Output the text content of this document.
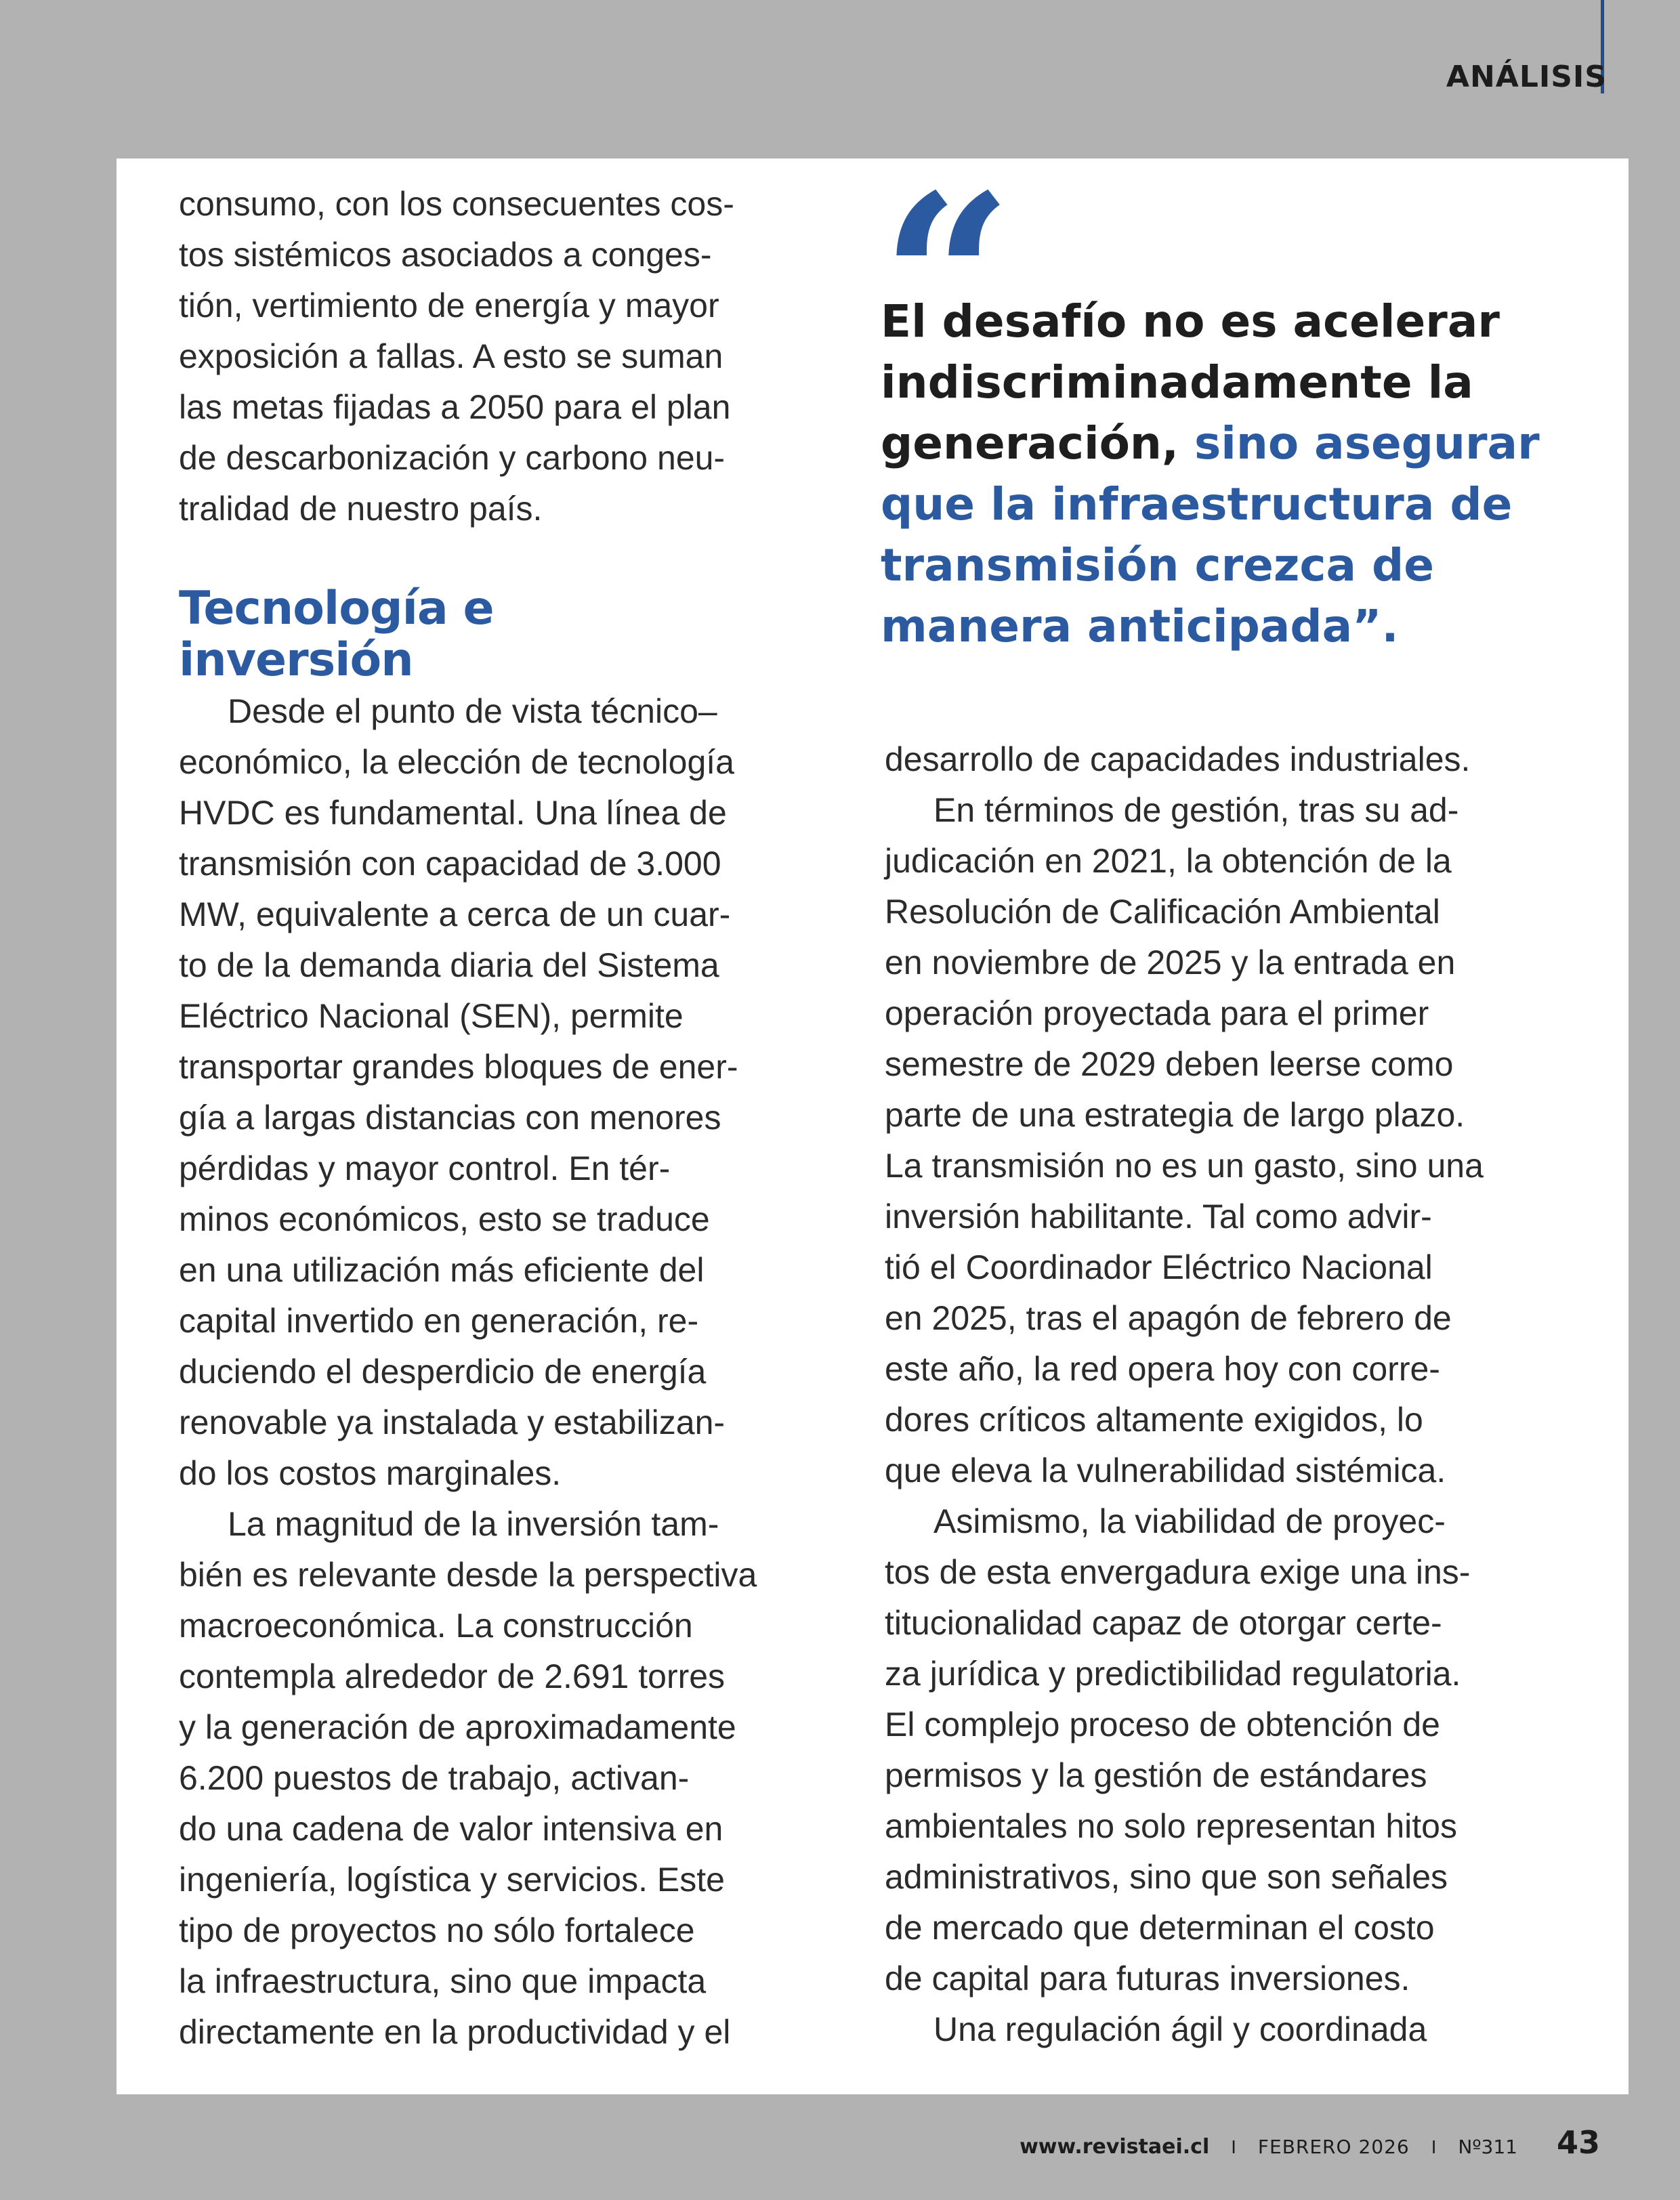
ANÁLISIS

consumo, con los consecuentes cos-
tos sistémicos asociados a conges-
tión, vertimiento de energía y mayor
exposición a fallas. A esto se suman
las metas fijadas a 2050 para el plan
de descarbonización y carbono neu-
tralidad de nuestro país.

Tecnología e
inversión

Desde el punto de vista técnico–
económico, la elección de tecnología
HVDC es fundamental. Una línea de
transmisión con capacidad de 3.000
MW, equivalente a cerca de un cuar-
to de la demanda diaria del Sistema
Eléctrico Nacional (SEN), permite
transportar grandes bloques de ener-
gía a largas distancias con menores
pérdidas y mayor control. En tér-
minos económicos, esto se traduce
en una utilización más eficiente del
capital invertido en generación, re-
duciendo el desperdicio de energía
renovable ya instalada y estabilizan-
do los costos marginales.

La magnitud de la inversión tam-
bién es relevante desde la perspectiva
macroeconómica. La construcción
contempla alrededor de 2.691 torres
y la generación de aproximadamente
6.200 puestos de trabajo, activan-
do una cadena de valor intensiva en
ingeniería, logística y servicios. Este
tipo de proyectos no sólo fortalece
la infraestructura, sino que impacta
directamente en la productividad y el

“
El desafío no es acelerar
indiscriminadamente la
generación, sino asegurar
que la infraestructura de
transmisión crezca de
manera anticipada”.

desarrollo de capacidades industriales.

En términos de gestión, tras su ad-
judicación en 2021, la obtención de la
Resolución de Calificación Ambiental
en noviembre de 2025 y la entrada en
operación proyectada para el primer
semestre de 2029 deben leerse como
parte de una estrategia de largo plazo.
La transmisión no es un gasto, sino una
inversión habilitante. Tal como advir-
tió el Coordinador Eléctrico Nacional
en 2025, tras el apagón de febrero de
este año, la red opera hoy con corre-
dores críticos altamente exigidos, lo
que eleva la vulnerabilidad sistémica.

Asimismo, la viabilidad de proyec-
tos de esta envergadura exige una ins-
titucionalidad capaz de otorgar certe-
za jurídica y predictibilidad regulatoria.
El complejo proceso de obtención de
permisos y la gestión de estándares
ambientales no solo representan hitos
administrativos, sino que son señales
de mercado que determinan el costo
de capital para futuras inversiones.

Una regulación ágil y coordinada

www.revistaei.cl I FEBRERO 2026 I Nº311 43
